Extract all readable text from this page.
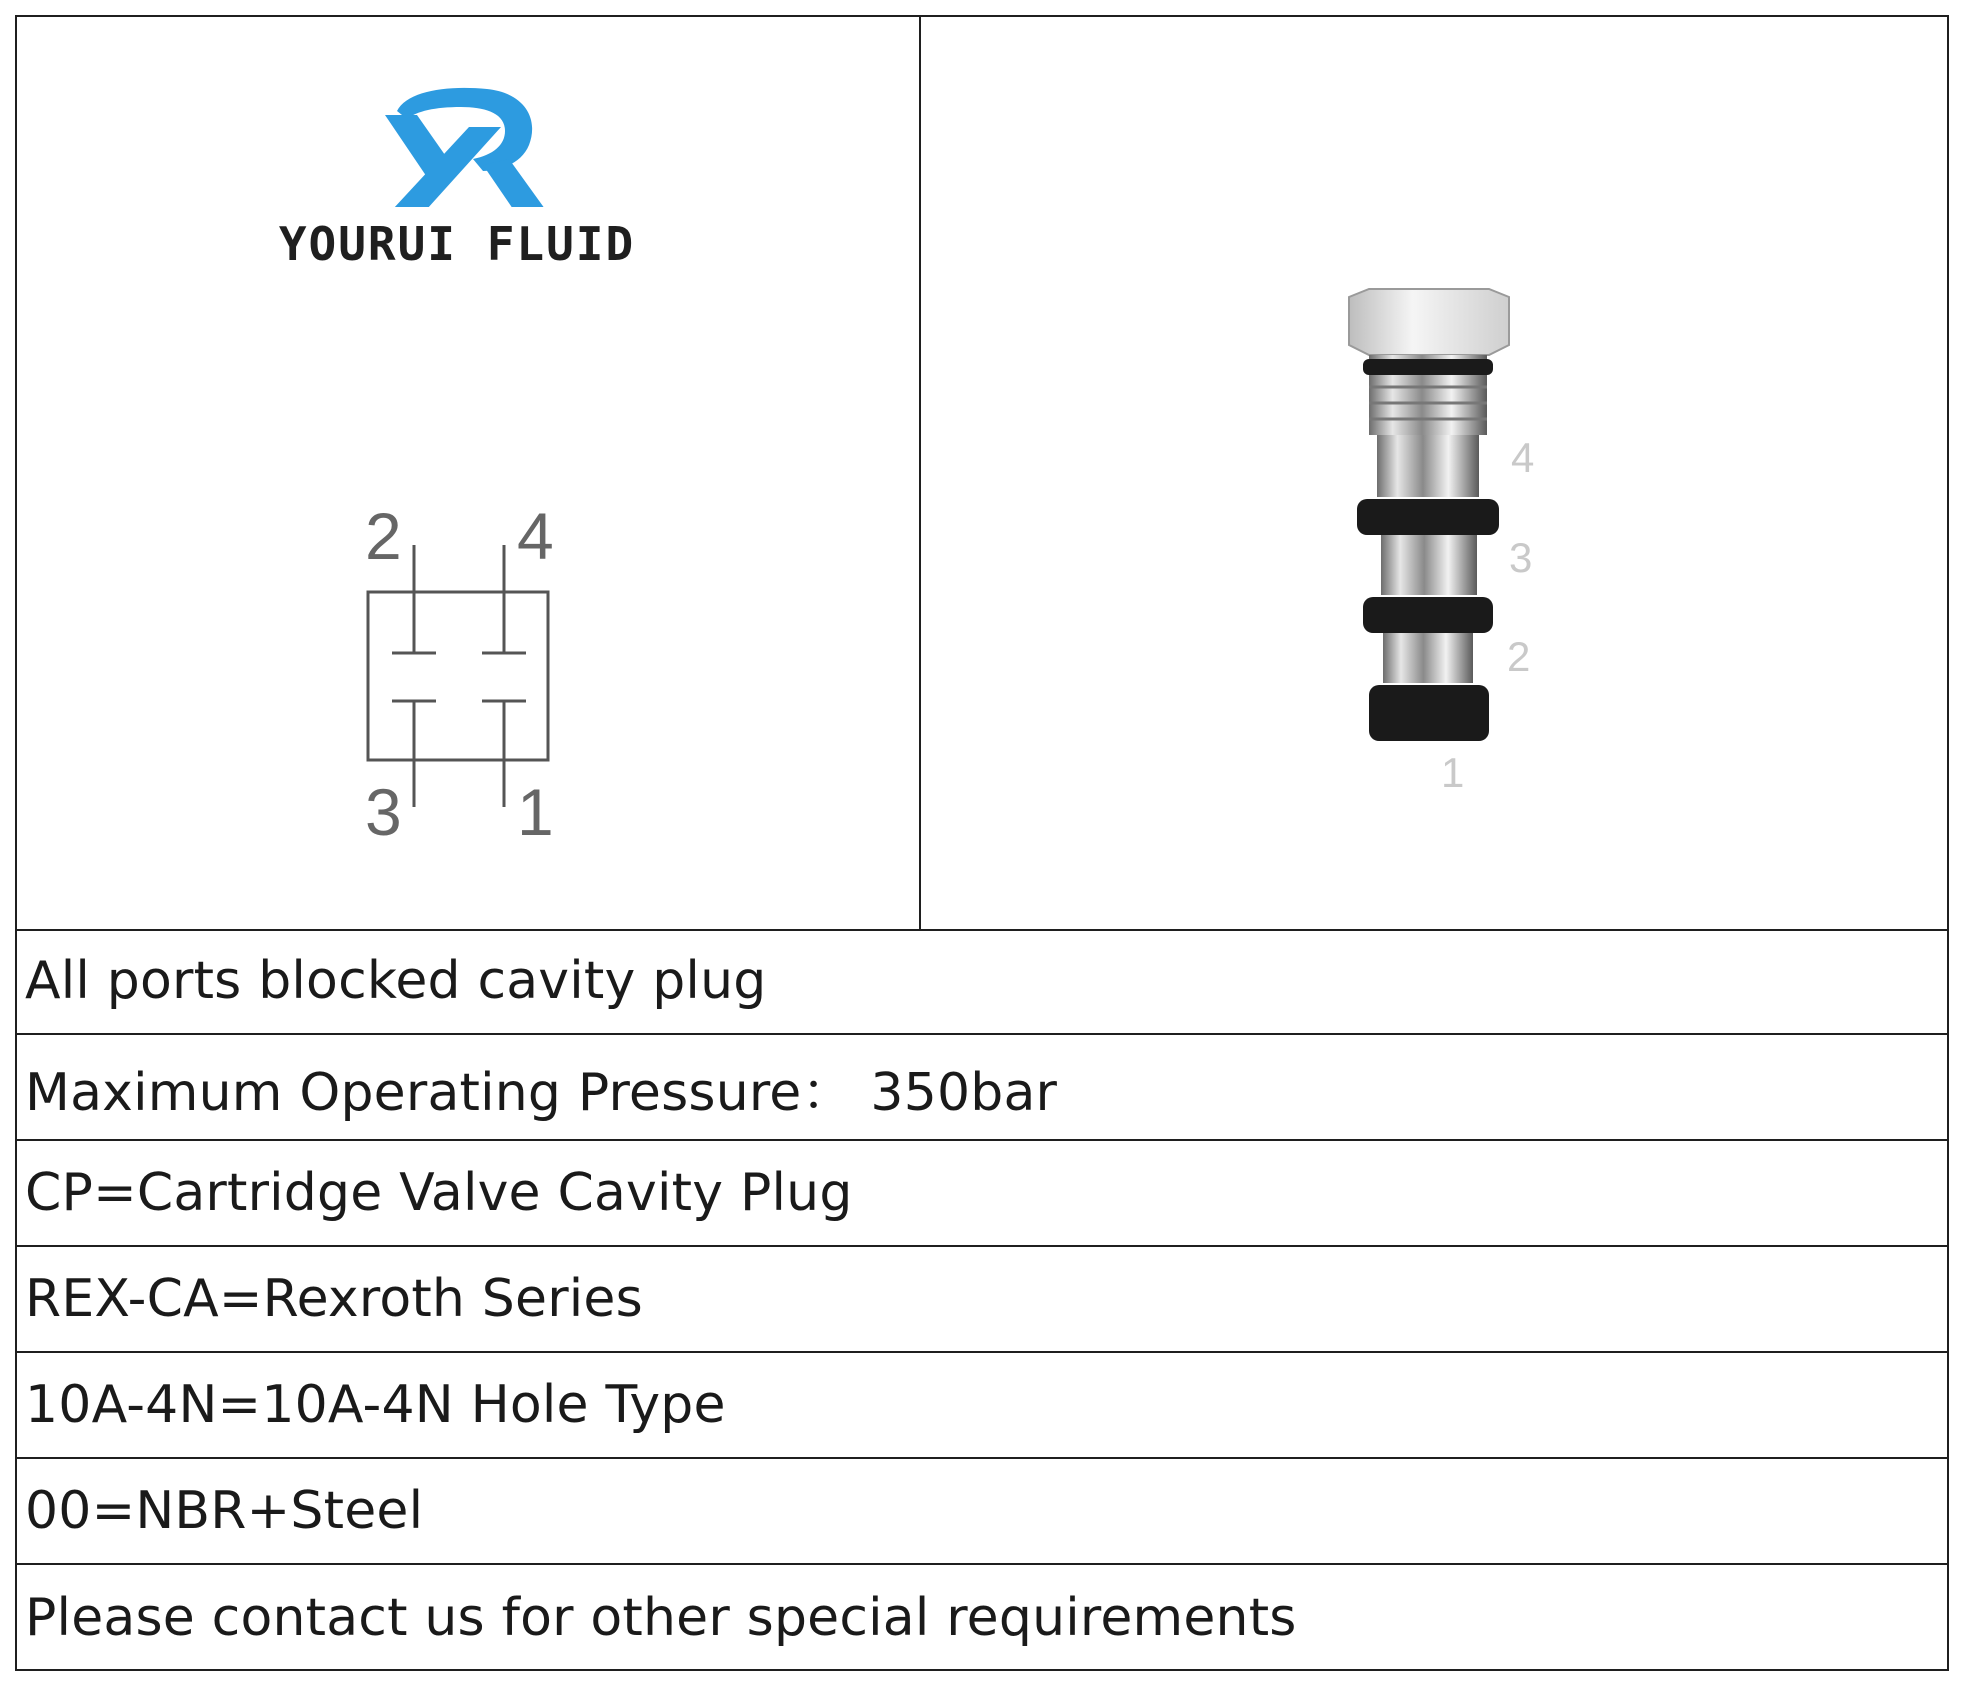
YOURUI FLUID
2 4
3 1
4
3
2
1
All ports blocked cavity plug
Maximum Operating Pressure： 350bar
CP=Cartridge Valve Cavity Plug
REX-CA=Rexroth Series
10A-4N=10A-4N Hole Type
00=NBR+Steel
Please contact us for other special requirements
